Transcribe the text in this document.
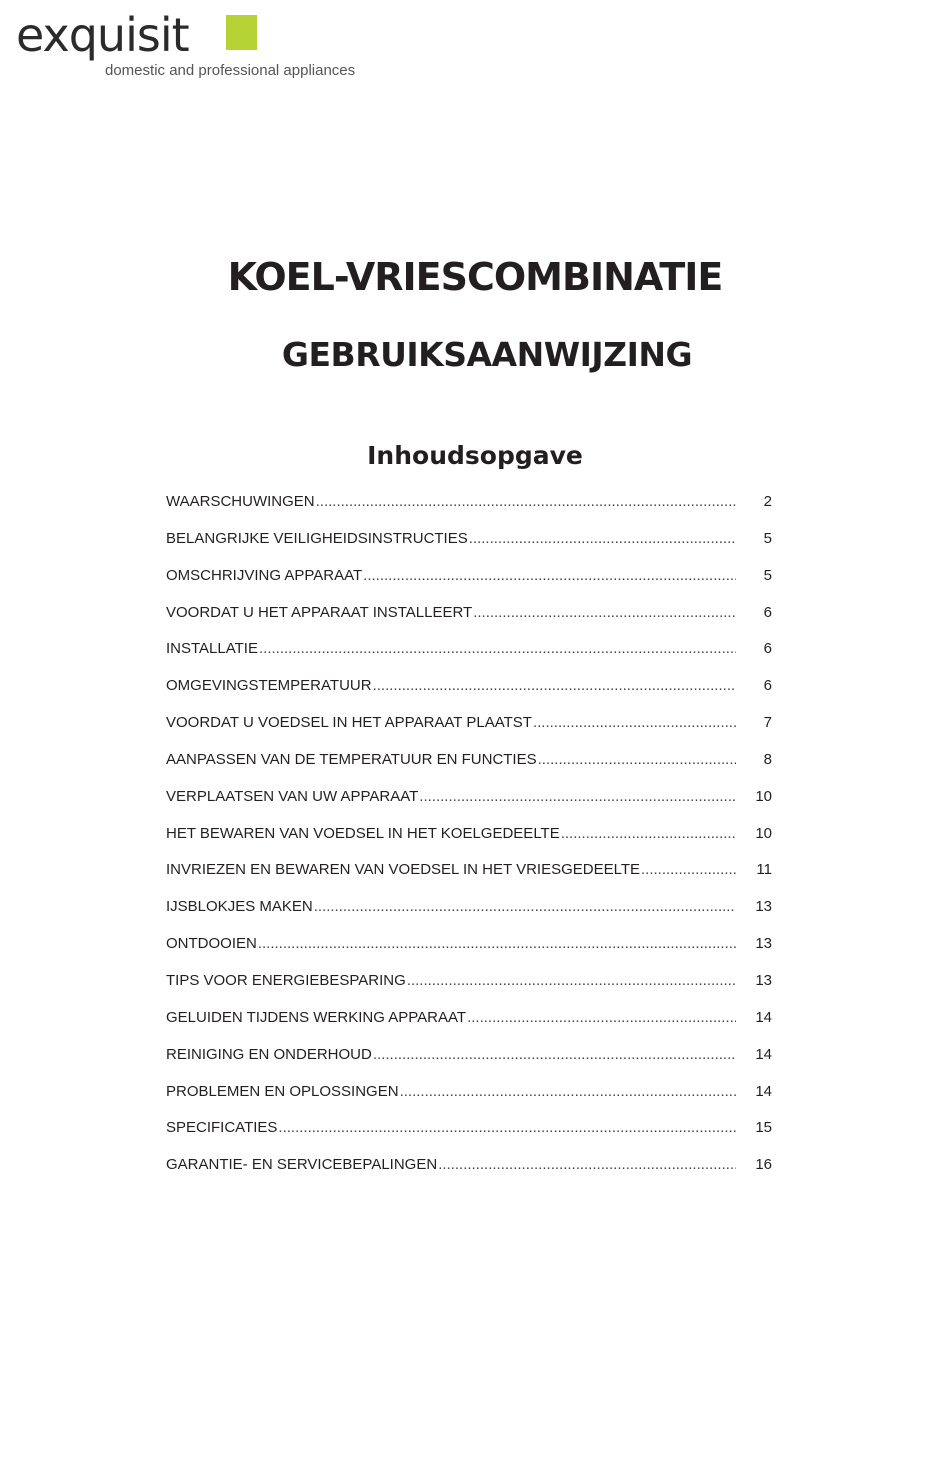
exquisit
domestic and professional appliances
KOEL-VRIESCOMBINATIE
GEBRUIKSAANWIJZING
Inhoudsopgave
WAARSCHUWINGEN .....	2
BELANGRIJKE VEILIGHEIDSINSTRUCTIES .....	5
OMSCHRIJVING APPARAAT .....	5
VOORDAT U HET APPARAAT INSTALLEERT .....	6
INSTALLATIE .....	6
OMGEVINGSTEMPERATUUR .....	6
VOORDAT U VOEDSEL IN HET APPARAAT PLAATST .....	7
AANPASSEN VAN DE TEMPERATUUR EN FUNCTIES .....	8
VERPLAATSEN VAN UW APPARAAT .....	10
HET BEWAREN VAN VOEDSEL IN HET KOELGEDEELTE .....	10
INVRIEZEN EN BEWAREN VAN VOEDSEL IN HET VRIESGEDEELTE .....	11
IJSBLOKJES MAKEN .....	13
ONTDOOIEN .....	13
TIPS VOOR ENERGIEBESPARING .....	13
GELUIDEN TIJDENS WERKING APPARAAT .....	14
REINIGING EN ONDERHOUD .....	14
PROBLEMEN EN OPLOSSINGEN .....	14
SPECIFICATIES .....	15
GARANTIE- EN SERVICEBEPALINGEN .....	16
